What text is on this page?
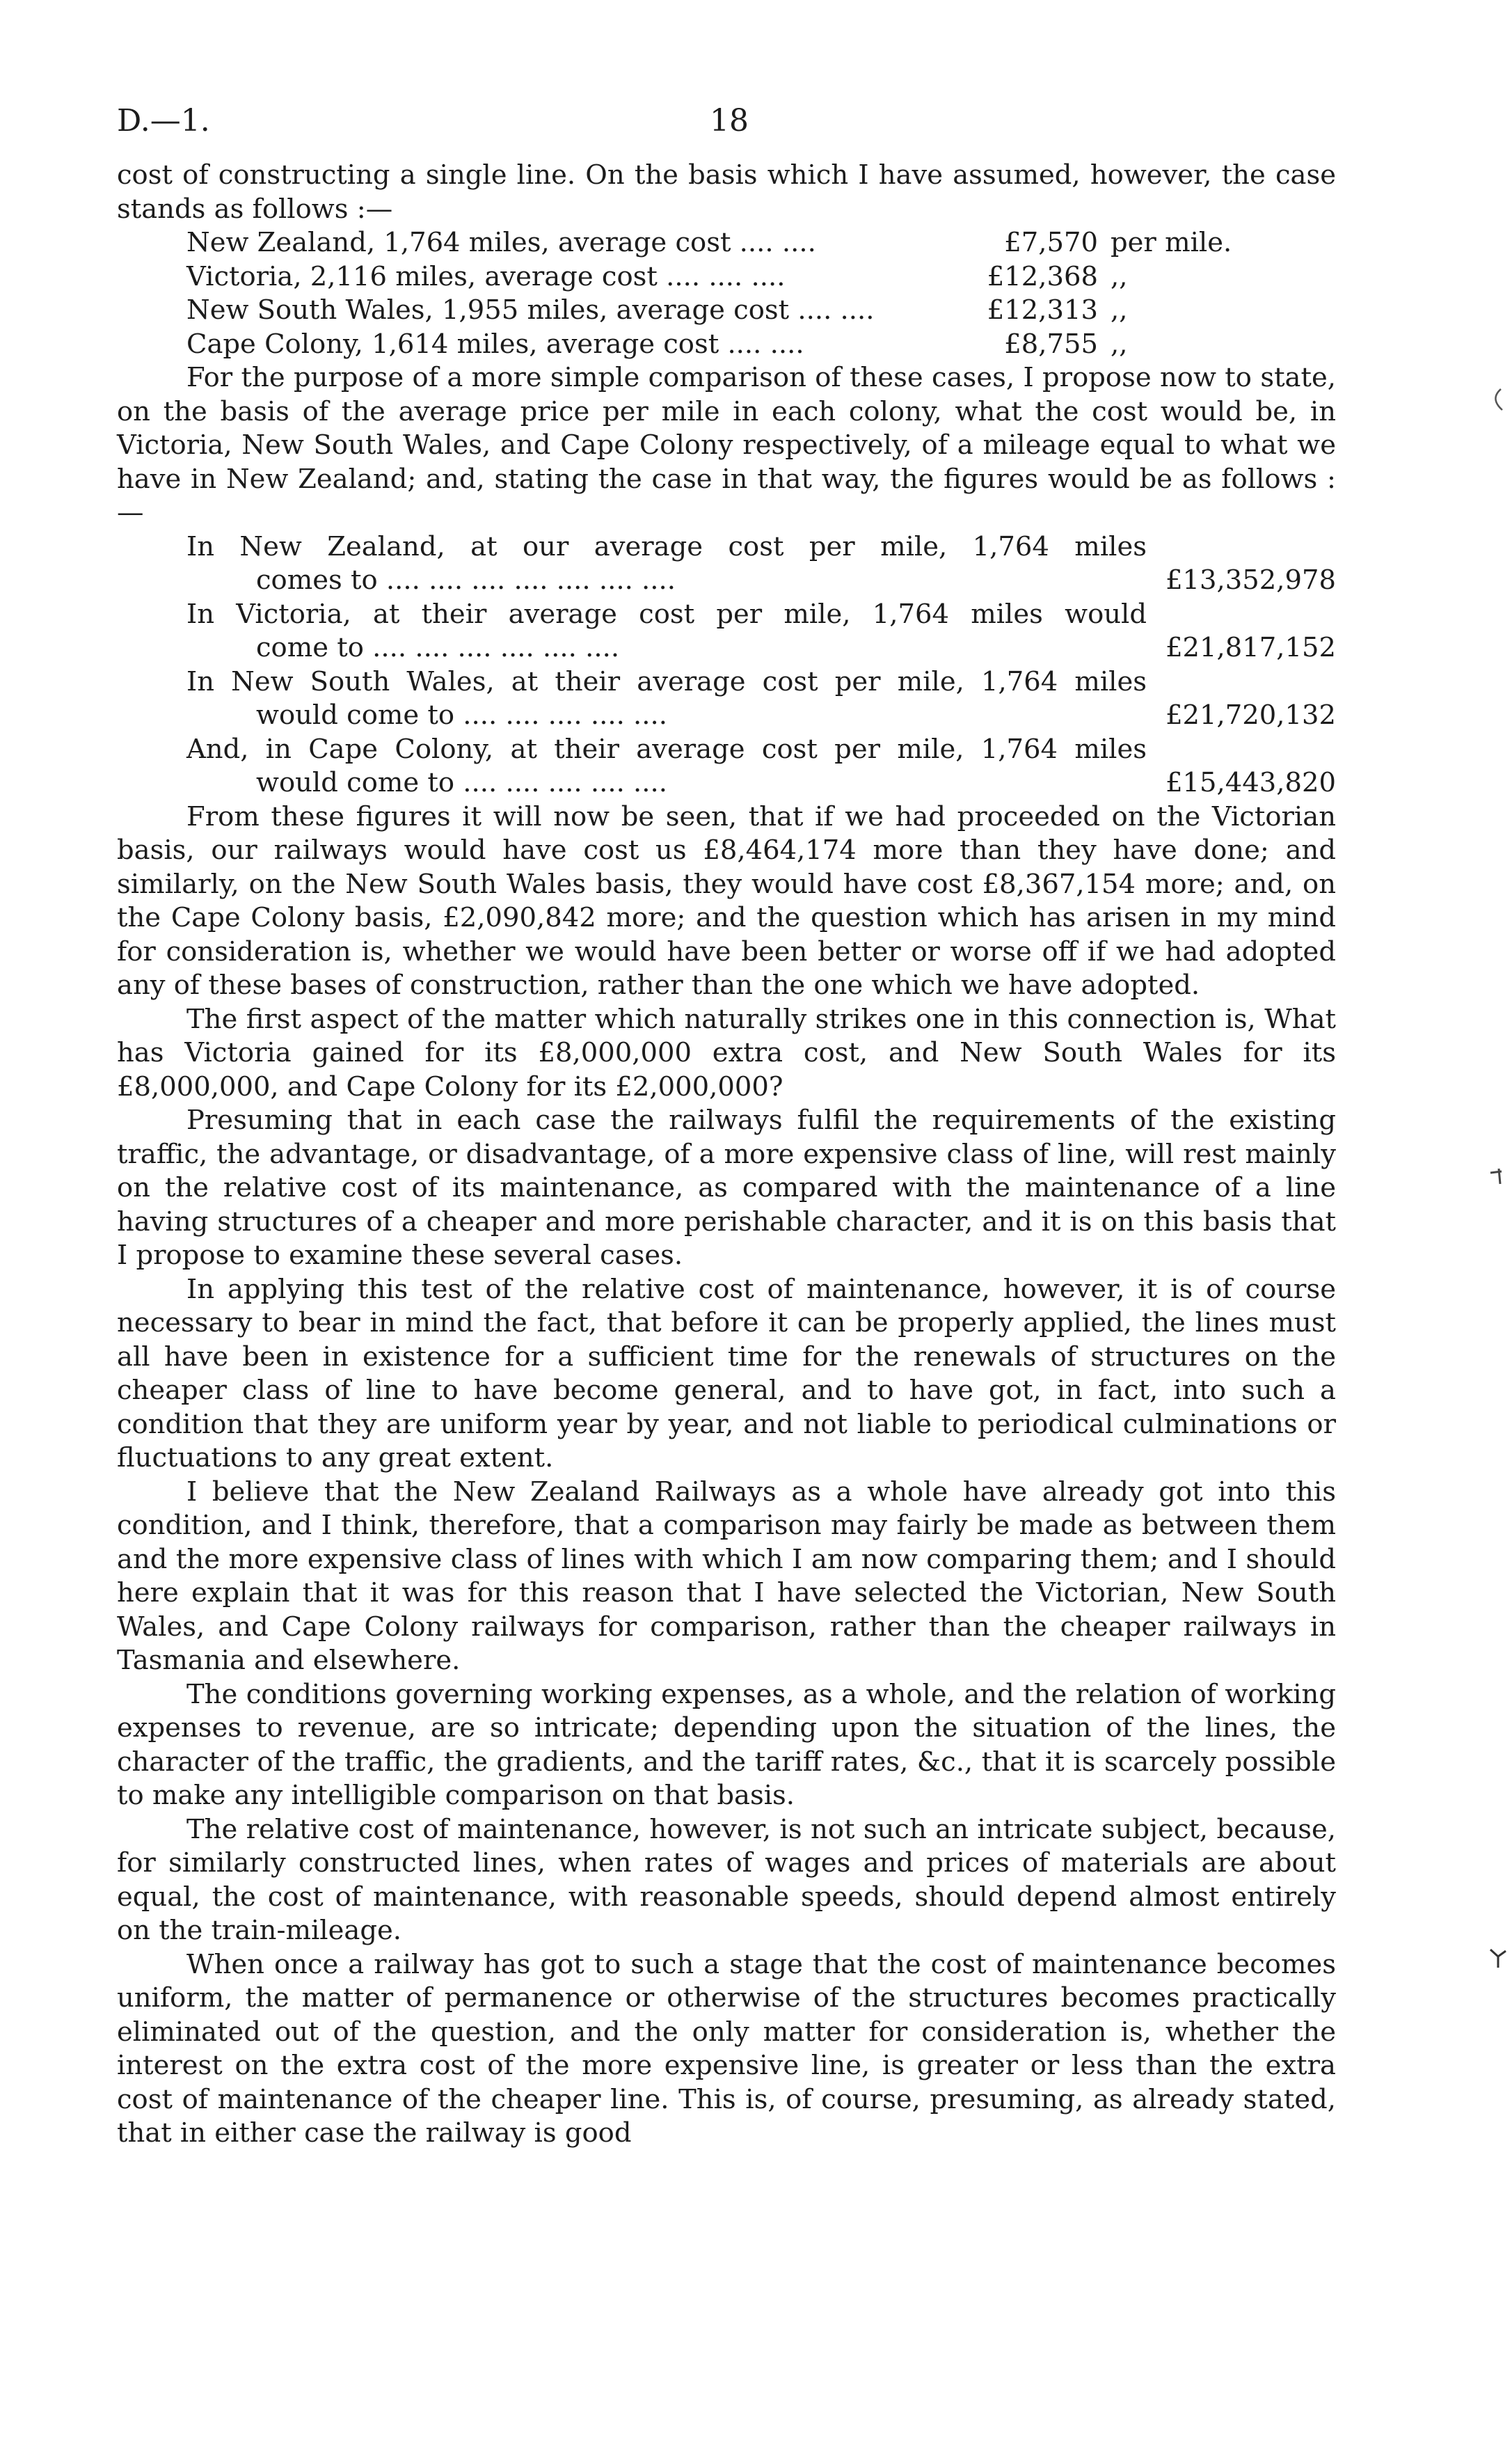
D.—1.	18

cost of constructing a single line. On the basis which I have assumed, however, the case stands as follows :—

New Zealand, 1,764 miles, average cost .... ....	£7,570 per mile.
Victoria, 2,116 miles, average cost .... .... ....	£12,368 ,,
New South Wales, 1,955 miles, average cost .... ....	£12,313 ,,
Cape Colony, 1,614 miles, average cost .... ....	£8,755 ,,

For the purpose of a more simple comparison of these cases, I propose now to state, on the basis of the average price per mile in each colony, what the cost would be, in Victoria, New South Wales, and Cape Colony respectively, of a mileage equal to what we have in New Zealand; and, stating the case in that way, the figures would be as follows :—

In New Zealand, at our average cost per mile, 1,764 miles
comes to .... .... .... .... .... .... ....	£13,352,978
In Victoria, at their average cost per mile, 1,764 miles would
come to .... .... .... .... .... ....	£21,817,152
In New South Wales, at their average cost per mile, 1,764 miles
would come to .... .... .... .... ....	£21,720,132
And, in Cape Colony, at their average cost per mile, 1,764 miles
would come to .... .... .... .... ....	£15,443,820

From these figures it will now be seen, that if we had proceeded on the Victorian basis, our railways would have cost us £8,464,174 more than they have done; and similarly, on the New South Wales basis, they would have cost £8,367,154 more; and, on the Cape Colony basis, £2,090,842 more; and the question which has arisen in my mind for consideration is, whether we would have been better or worse off if we had adopted any of these bases of construction, rather than the one which we have adopted.

The first aspect of the matter which naturally strikes one in this connection is, What has Victoria gained for its £8,000,000 extra cost, and New South Wales for its £8,000,000, and Cape Colony for its £2,000,000?

Presuming that in each case the railways fulfil the requirements of the existing traffic, the advantage, or disadvantage, of a more expensive class of line, will rest mainly on the relative cost of its maintenance, as compared with the maintenance of a line having structures of a cheaper and more perishable character, and it is on this basis that I propose to examine these several cases.

In applying this test of the relative cost of maintenance, however, it is of course necessary to bear in mind the fact, that before it can be properly applied, the lines must all have been in existence for a sufficient time for the renewals of structures on the cheaper class of line to have become general, and to have got, in fact, into such a condition that they are uniform year by year, and not liable to periodical culminations or fluctuations to any great extent.

I believe that the New Zealand Railways as a whole have already got into this condition, and I think, therefore, that a comparison may fairly be made as between them and the more expensive class of lines with which I am now comparing them; and I should here explain that it was for this reason that I have selected the Victorian, New South Wales, and Cape Colony railways for comparison, rather than the cheaper railways in Tasmania and elsewhere.

The conditions governing working expenses, as a whole, and the relation of working expenses to revenue, are so intricate; depending upon the situation of the lines, the character of the traffic, the gradients, and the tariff rates, &c., that it is scarcely possible to make any intelligible comparison on that basis.

The relative cost of maintenance, however, is not such an intricate subject, because, for similarly constructed lines, when rates of wages and prices of materials are about equal, the cost of maintenance, with reasonable speeds, should depend almost entirely on the train-mileage.

When once a railway has got to such a stage that the cost of maintenance becomes uniform, the matter of permanence or otherwise of the structures becomes practically eliminated out of the question, and the only matter for consideration is, whether the interest on the extra cost of the more expensive line, is greater or less than the extra cost of maintenance of the cheaper line. This is, of course, presuming, as already stated, that in either case the railway is good
